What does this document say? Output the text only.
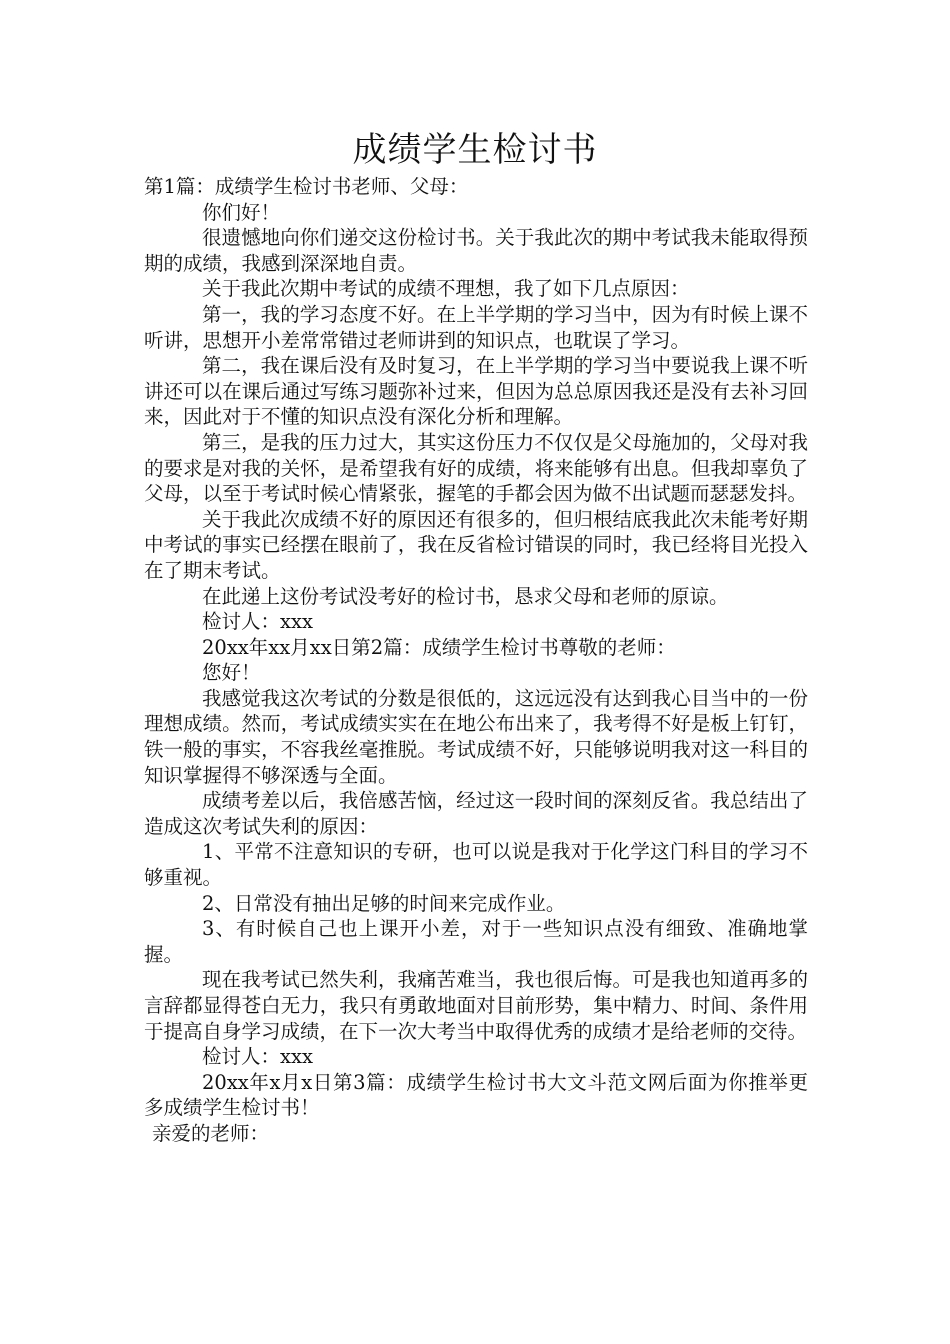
成绩学生检讨书

第1篇：成绩学生检讨书老师、父母：

你们好！

很遗憾地向你们递交这份检讨书。关于我此次的期中考试我未能取得预期的成绩，我感到深深地自责。

关于我此次期中考试的成绩不理想，我了如下几点原因：

第一，我的学习态度不好。在上半学期的学习当中，因为有时候上课不听讲，思想开小差常常错过老师讲到的知识点，也耽误了学习。

第二，我在课后没有及时复习，在上半学期的学习当中要说我上课不听讲还可以在课后通过写练习题弥补过来，但因为总总原因我还是没有去补习回来，因此对于不懂的知识点没有深化分析和理解。

第三，是我的压力过大，其实这份压力不仅仅是父母施加的，父母对我的要求是对我的关怀，是希望我有好的成绩，将来能够有出息。但我却辜负了父母，以至于考试时候心情紧张，握笔的手都会因为做不出试题而瑟瑟发抖。

关于我此次成绩不好的原因还有很多的，但归根结底我此次未能考好期中考试的事实已经摆在眼前了，我在反省检讨错误的同时，我已经将目光投入在了期末考试。

在此递上这份考试没考好的检讨书，恳求父母和老师的原谅。

检讨人：xxx

20xx年xx月xx日第2篇：成绩学生检讨书尊敬的老师：

您好！

我感觉我这次考试的分数是很低的，这远远没有达到我心目当中的一份理想成绩。然而，考试成绩实实在在地公布出来了，我考得不好是板上钉钉，铁一般的事实，不容我丝毫推脱。考试成绩不好，只能够说明我对这一科目的知识掌握得不够深透与全面。

成绩考差以后，我倍感苦恼，经过这一段时间的深刻反省。我总结出了造成这次考试失利的原因：

1、平常不注意知识的专研，也可以说是我对于化学这门科目的学习不够重视。

2、日常没有抽出足够的时间来完成作业。

3、有时候自己也上课开小差，对于一些知识点没有细致、准确地掌握。

现在我考试已然失利，我痛苦难当，我也很后悔。可是我也知道再多的言辞都显得苍白无力，我只有勇敢地面对目前形势，集中精力、时间、条件用于提高自身学习成绩，在下一次大考当中取得优秀的成绩才是给老师的交待。

检讨人：xxx

20xx年x月x日第3篇：成绩学生检讨书大文斗范文网后面为你推举更多成绩学生检讨书！

亲爱的老师：
